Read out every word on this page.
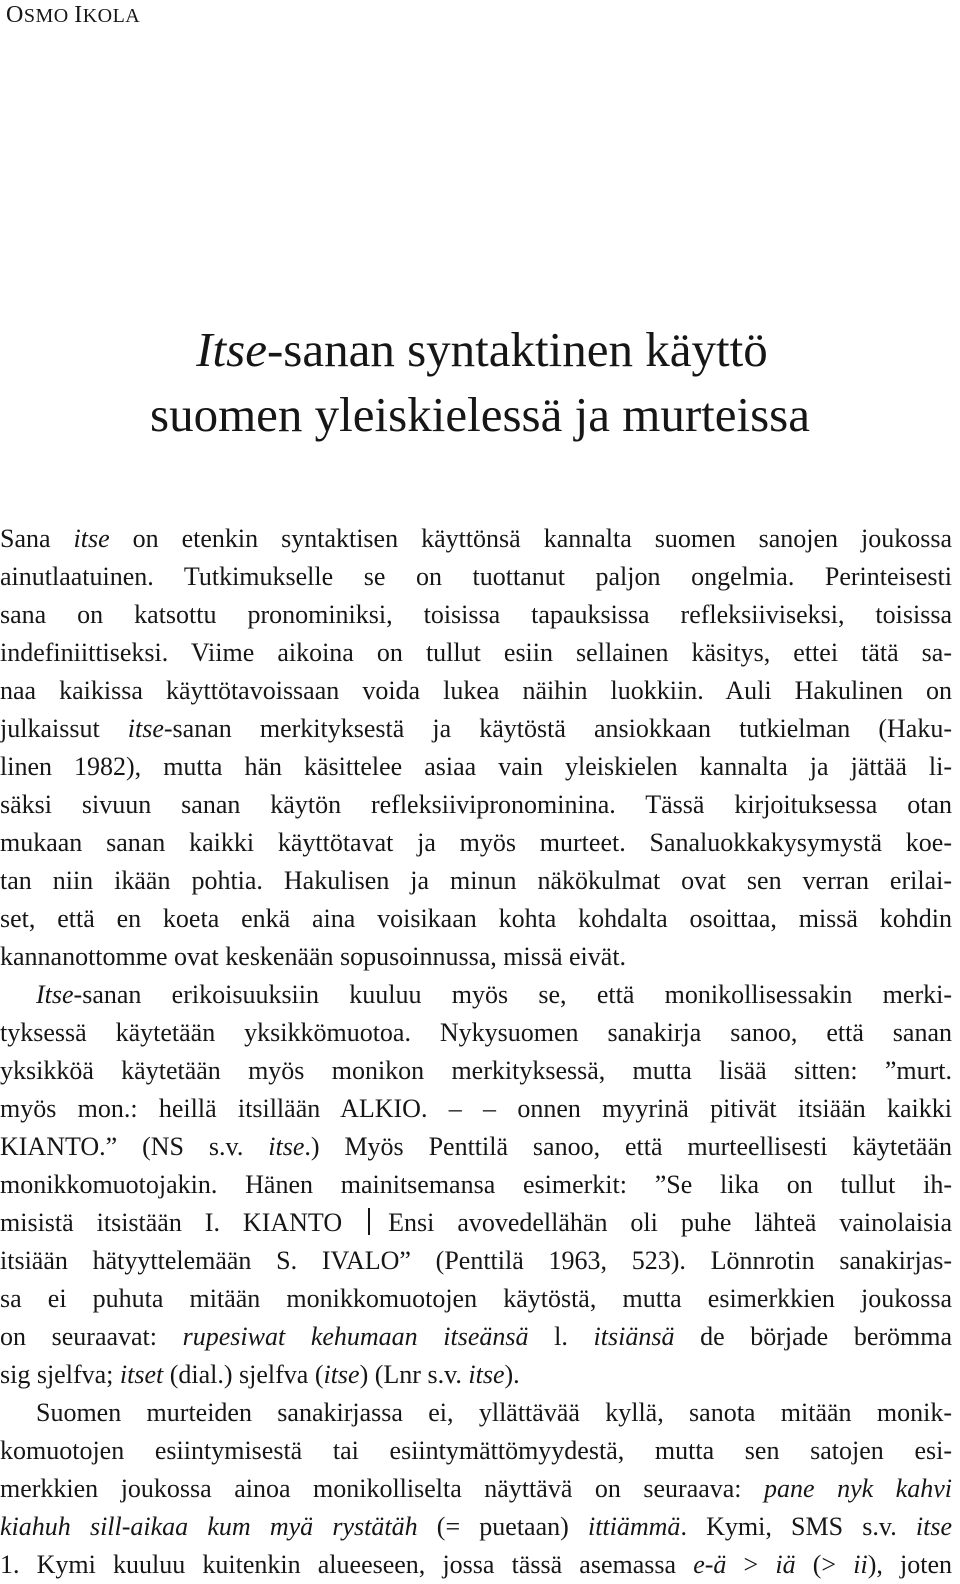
OSMO IKOLA
Itse-sanan syntaktinen käyttö
suomen yleiskielessä ja murteissa
Sana itse on etenkin syntaktisen käyttönsä kannalta suomen sanojen joukossa
ainutlaatuinen. Tutkimukselle se on tuottanut paljon ongelmia. Perinteisesti
sana on katsottu pronominiksi, toisissa tapauksissa refleksiiviseksi, toisissa
indefiniittiseksi. Viime aikoina on tullut esiin sellainen käsitys, ettei tätä sa-
naa kaikissa käyttötavoissaan voida lukea näihin luokkiin. Auli Hakulinen on
julkaissut itse-sanan merkityksestä ja käytöstä ansiokkaan tutkielman (Haku-
linen 1982), mutta hän käsittelee asiaa vain yleiskielen kannalta ja jättää li-
säksi sivuun sanan käytön refleksiivipronominina. Tässä kirjoituksessa otan
mukaan sanan kaikki käyttötavat ja myös murteet. Sanaluokkakysymystä koe-
tan niin ikään pohtia. Hakulisen ja minun näkökulmat ovat sen verran erilai-
set, että en koeta enkä aina voisikaan kohta kohdalta osoittaa, missä kohdin
kannanottomme ovat keskenään sopusoinnussa, missä eivät.
Itse-sanan erikoisuuksiin kuuluu myös se, että monikollisessakin merki-
tyksessä käytetään yksikkömuotoa. Nykysuomen sanakirja sanoo, että sanan
yksikköä käytetään myös monikon merkityksessä, mutta lisää sitten: ”murt.
myös mon.: heillä itsillään ALKIO. – – onnen myyrinä pitivät itsiään kaikki
KIANTO.” (NS s.v. itse.) Myös Penttilä sanoo, että murteellisesti käytetään
monikkomuotojakin. Hänen mainitsemansa esimerkit: ”Se lika on tullut ih-
misistä itsistään I. KIANTO Ensi avovedellähän oli puhe lähteä vainolaisia
itsiään hätyyttelemään S. IVALO” (Penttilä 1963, 523). Lönnrotin sanakirjas-
sa ei puhuta mitään monikkomuotojen käytöstä, mutta esimerkkien joukossa
on seuraavat: rupesiwat kehumaan itseänsä l. itsiänsä de började berömma
sig sjelfva; itset (dial.) sjelfva (itse) (Lnr s.v. itse).
Suomen murteiden sanakirjassa ei, yllättävää kyllä, sanota mitään monik-
komuotojen esiintymisestä tai esiintymättömyydestä, mutta sen satojen esi-
merkkien joukossa ainoa monikolliselta näyttävä on seuraava: pane nyk kahvi
kiahuh sill-aikaa kum myä rystätäh (= puetaan) ittiämmä. Kymi, SMS s.v. itse
1. Kymi kuuluu kuitenkin alueeseen, jossa tässä asemassa e-ä > iä (> ii), joten
